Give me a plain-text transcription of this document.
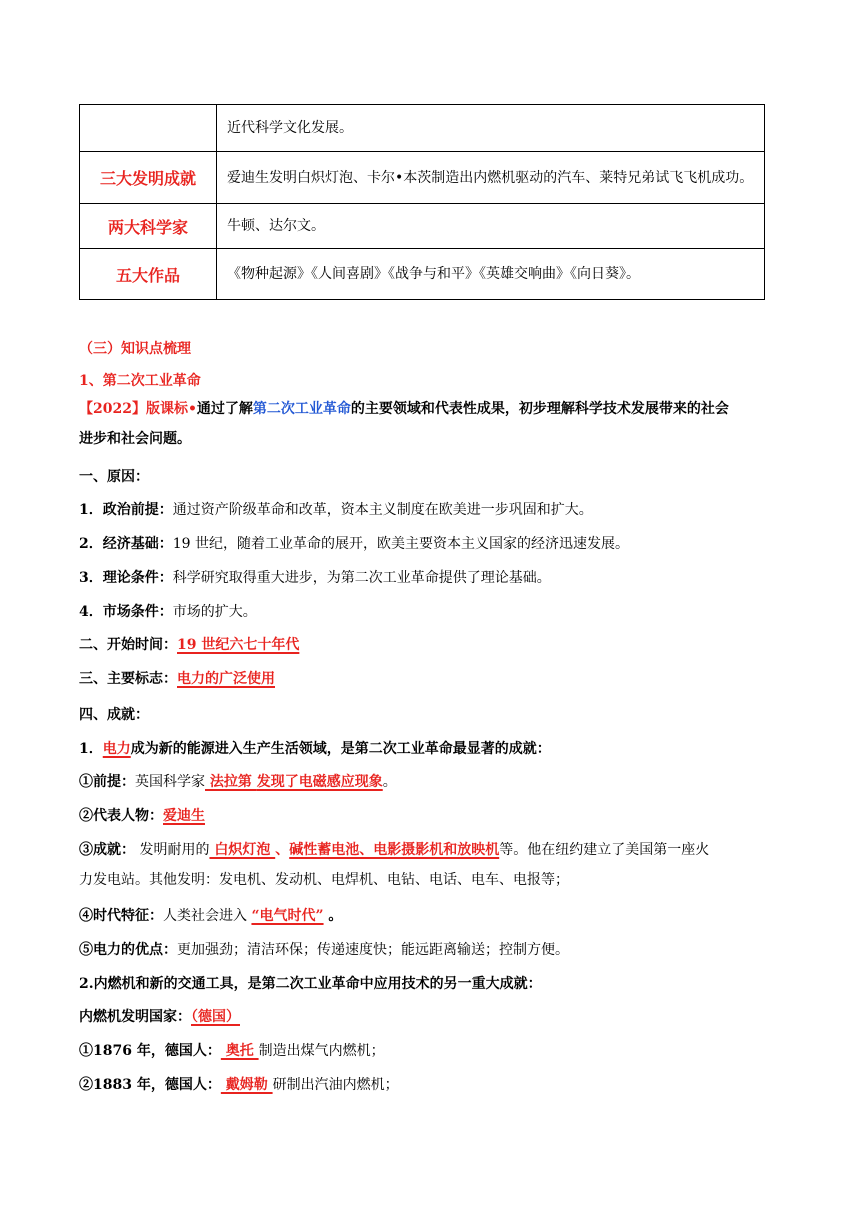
	近代科学文化发展。
三大发明成就	爱迪生发明白炽灯泡、卡尔•本茨制造出内燃机驱动的汽车、莱特兄弟试飞飞机成功。
两大科学家	牛顿、达尔文。
五大作品	《物种起源》《人间喜剧》《战争与和平》《英雄交响曲》《向日葵》。
（三）知识点梳理
1、第二次工业革命
【2022】版课标•通过了解第二次工业革命的主要领域和代表性成果，初步理解科学技术发展带来的社会
进步和社会问题。
一、原因：
1．政治前提：通过资产阶级革命和改革，资本主义制度在欧美进一步巩固和扩大。
2．经济基础：19 世纪，随着工业革命的展开，欧美主要资本主义国家的经济迅速发展。
3．理论条件：科学研究取得重大进步，为第二次工业革命提供了理论基础。
4．市场条件：市场的扩大。
二、开始时间：19 世纪六七十年代
三、主要标志：电力的广泛使用
四、成就：
1．电力成为新的能源进入生产生活领域，是第二次工业革命最显著的成就：
①前提：英国科学家 法拉第 发现了电磁感应现象。
②代表人物：爱迪生
③成就： 发明耐用的 白炽灯泡 、碱性蓄电池、电影摄影机和放映机等。他在纽约建立了美国第一座火
力发电站。其他发明：发电机、发动机、电焊机、电钻、电话、电车、电报等；
④时代特征：人类社会进入 “电气时代” 。
⑤电力的优点：更加强劲；清洁环保；传递速度快；能远距离输送；控制方便。
2.内燃机和新的交通工具，是第二次工业革命中应用技术的另一重大成就：
内燃机发明国家：（德国）
①1876 年，德国人： 奥托 制造出煤气内燃机；
②1883 年，德国人： 戴姆勒 研制出汽油内燃机；
